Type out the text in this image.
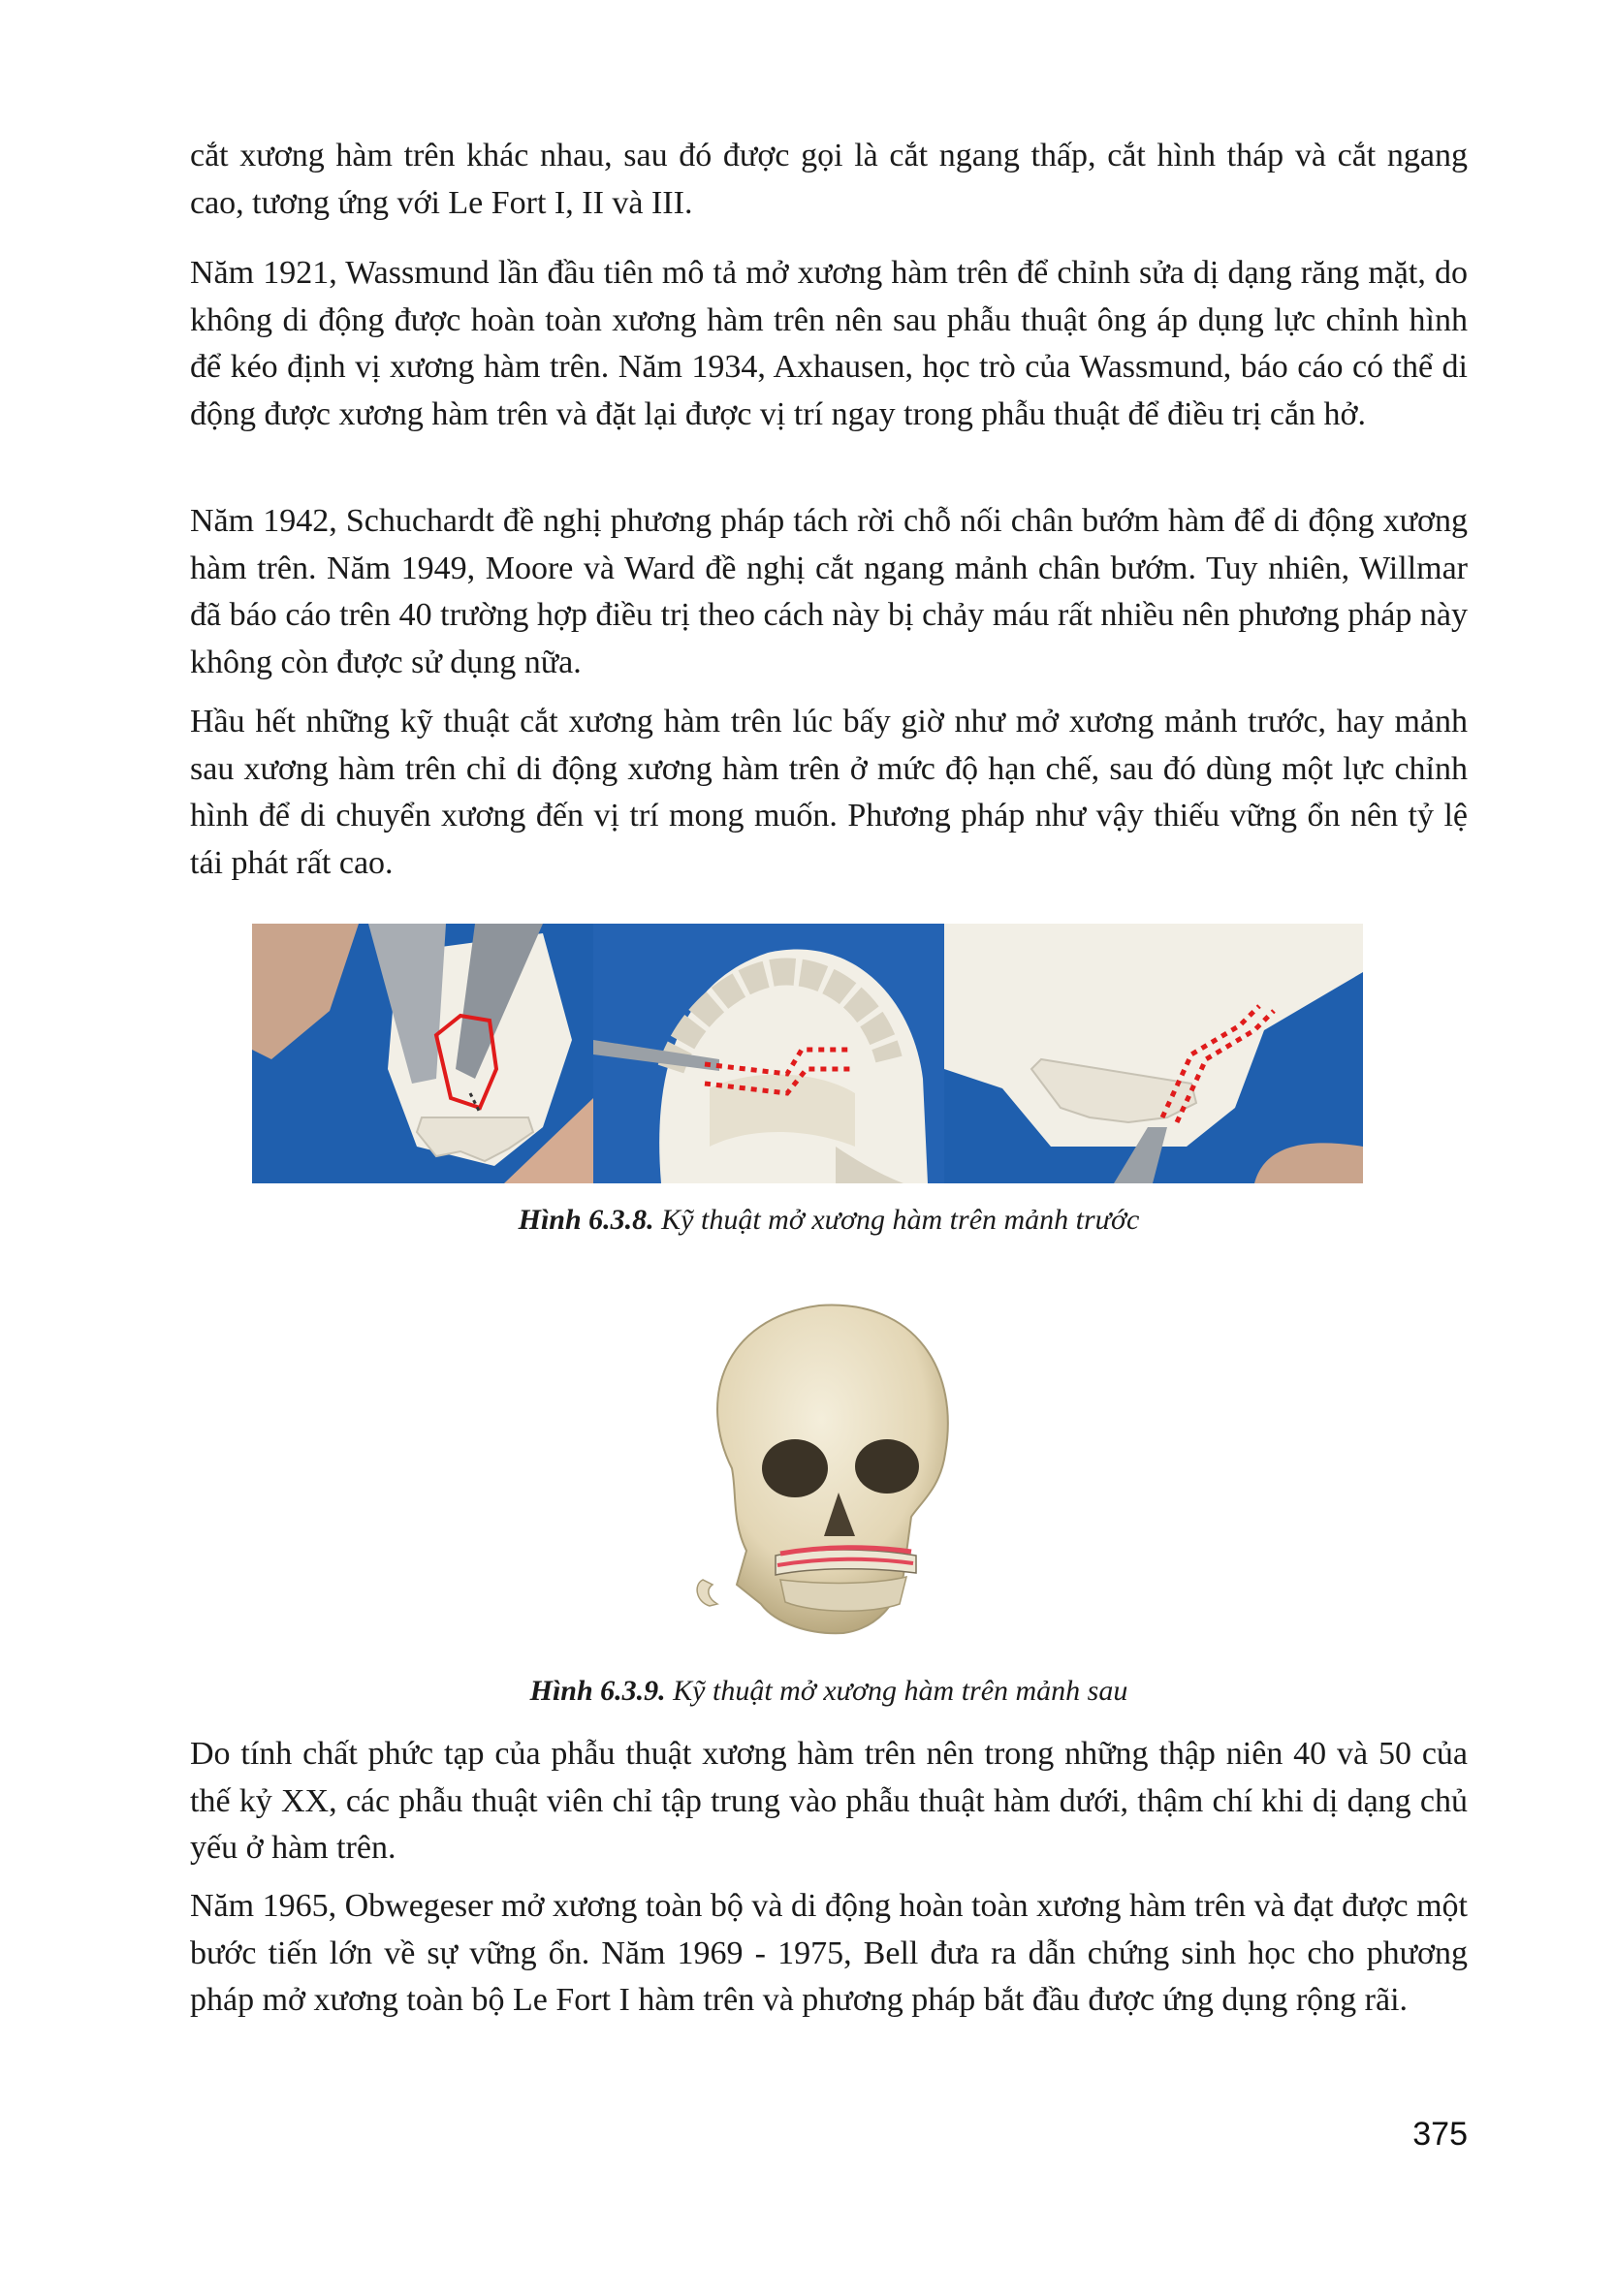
cắt xương hàm trên khác nhau, sau đó được gọi là cắt ngang thấp, cắt hình tháp và cắt ngang cao, tương ứng với Le Fort I, II và III.

Năm 1921, Wassmund lần đầu tiên mô tả mở xương hàm trên để chỉnh sửa dị dạng răng mặt, do không di động được hoàn toàn xương hàm trên nên sau phẫu thuật ông áp dụng lực chỉnh hình để kéo định vị xương hàm trên. Năm 1934, Axhausen, học trò của Wassmund, báo cáo có thể di động được xương hàm trên và đặt lại được vị trí ngay trong phẫu thuật để điều trị cắn hở.

Năm 1942, Schuchardt đề nghị phương pháp tách rời chỗ nối chân bướm hàm để di động xương hàm trên. Năm 1949, Moore và Ward đề nghị cắt ngang mảnh chân bướm. Tuy nhiên, Willmar đã báo cáo trên 40 trường hợp điều trị theo cách này bị chảy máu rất nhiều nên phương pháp này không còn được sử dụng nữa.

Hầu hết những kỹ thuật cắt xương hàm trên lúc bấy giờ như mở xương mảnh trước, hay mảnh sau xương hàm trên chỉ di động xương hàm trên ở mức độ hạn chế, sau đó dùng một lực chỉnh hình để di chuyển xương đến vị trí mong muốn. Phương pháp như vậy thiếu vững ổn nên tỷ lệ tái phát rất cao.

Hình 6.3.8. Kỹ thuật mở xương hàm trên mảnh trước

Hình 6.3.9. Kỹ thuật mở xương hàm trên mảnh sau

Do tính chất phức tạp của phẫu thuật xương hàm trên nên trong những thập niên 40 và 50 của thế kỷ XX, các phẫu thuật viên chỉ tập trung vào phẫu thuật hàm dưới, thậm chí khi dị dạng chủ yếu ở hàm trên.

Năm 1965, Obwegeser mở xương toàn bộ và di động hoàn toàn xương hàm trên và đạt được một bước tiến lớn về sự vững ổn. Năm 1969 - 1975, Bell đưa ra dẫn chứng sinh học cho phương pháp mở xương toàn bộ Le Fort I hàm trên và phương pháp bắt đầu được ứng dụng rộng rãi.

375
